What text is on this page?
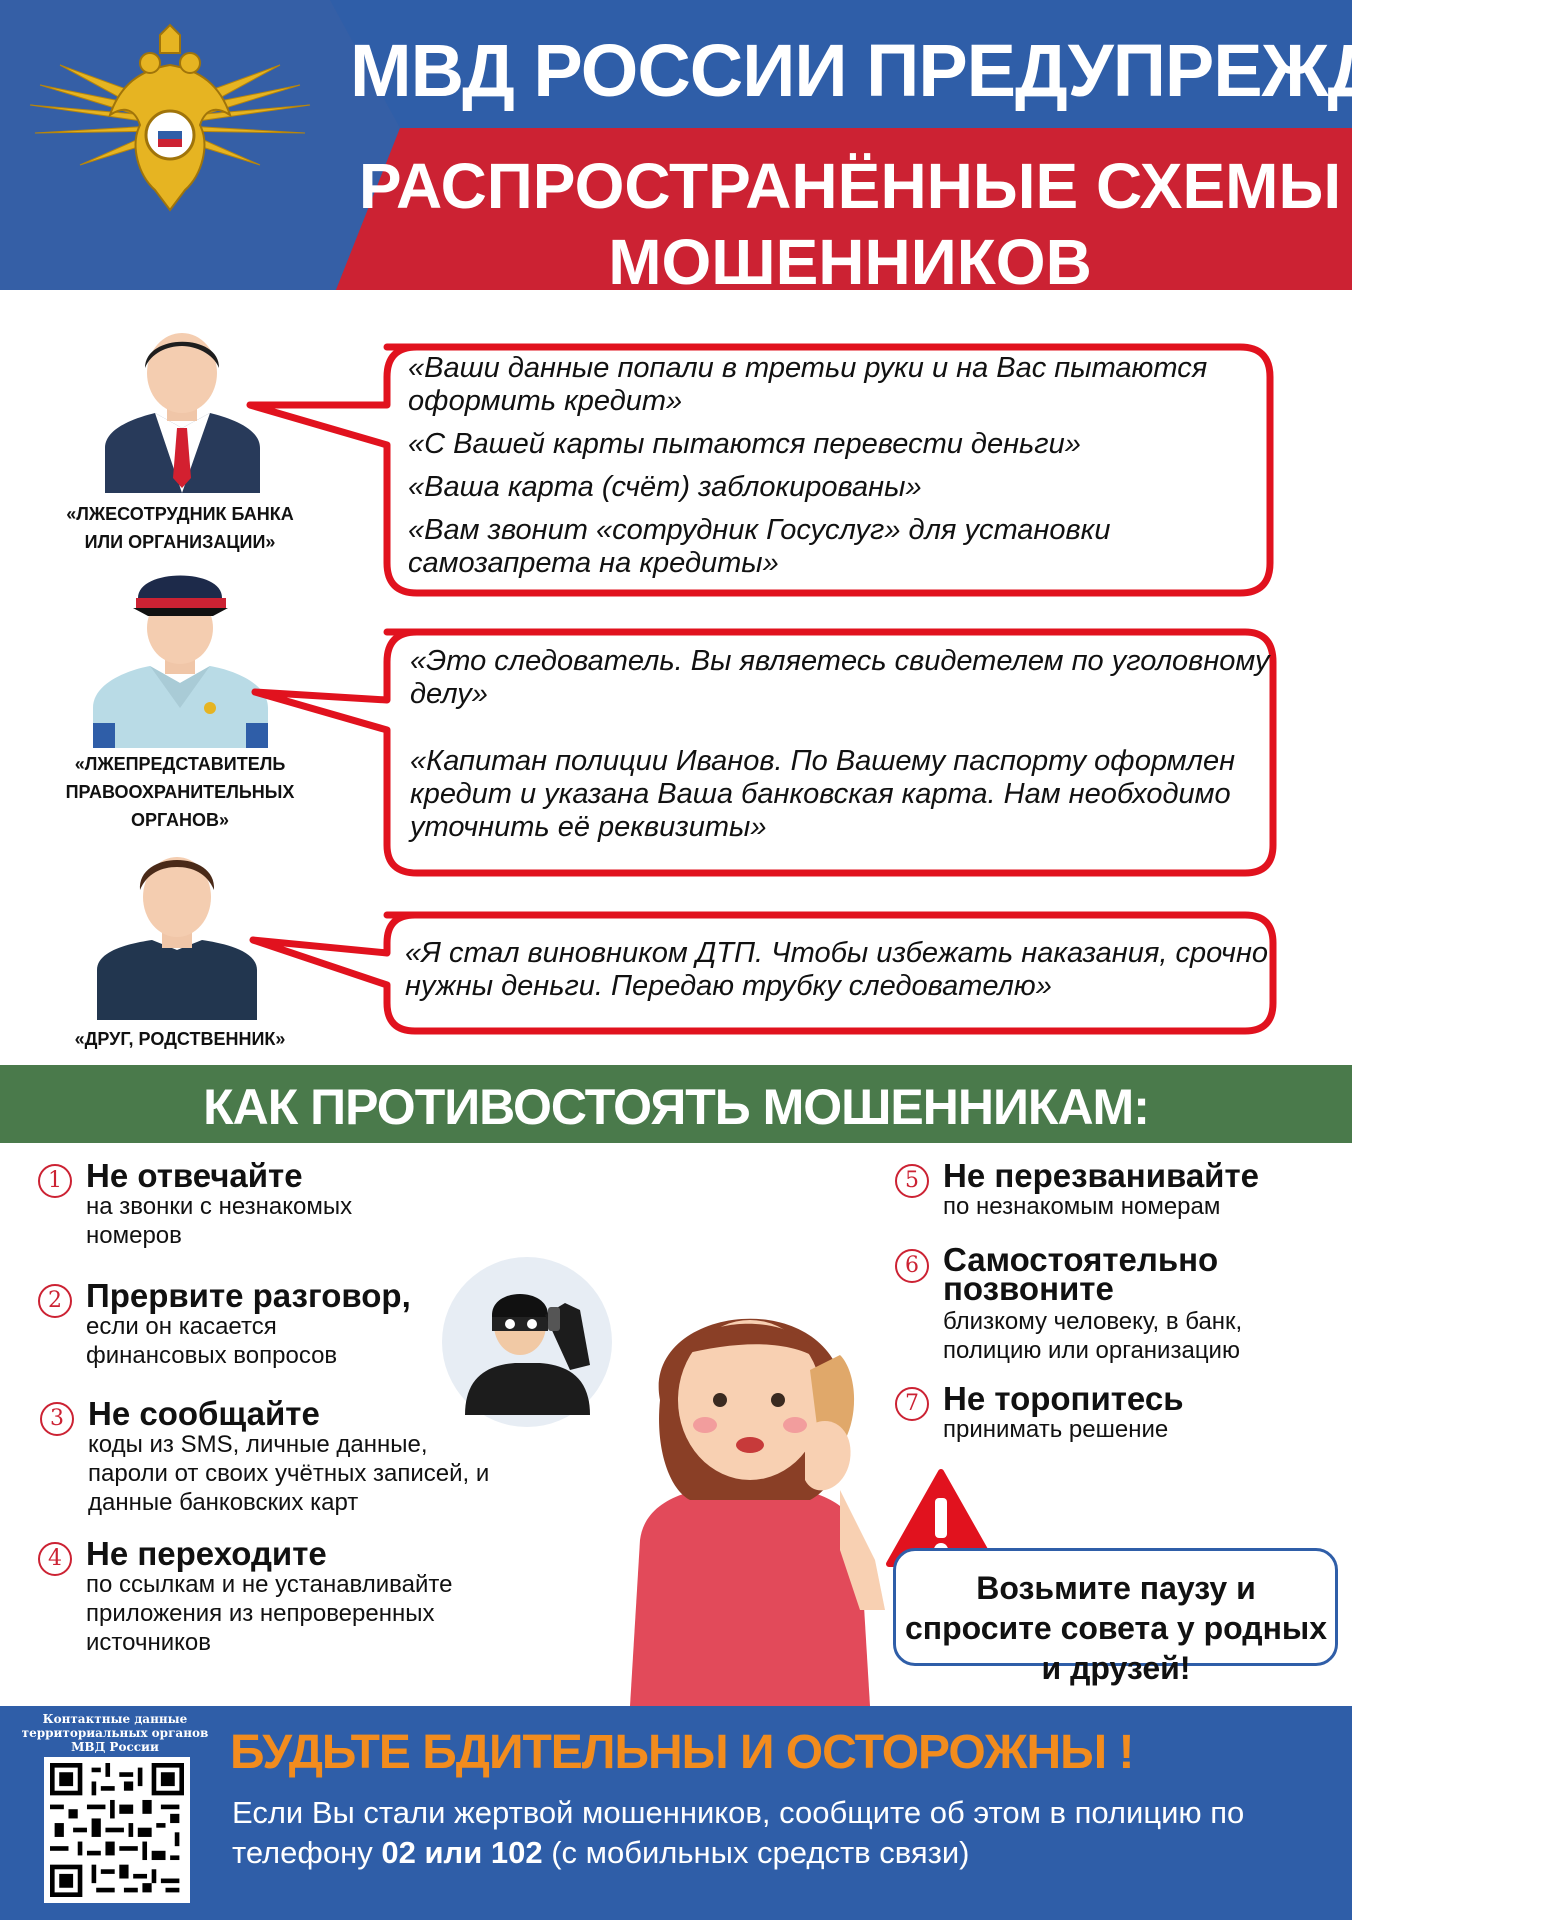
МВД РОССИИ ПРЕДУПРЕЖДАЕТ!
РАСПРОСТРАНЁННЫЕ СХЕМЫ МОШЕННИКОВ
«ЛЖЕСОТРУДНИК БАНКА ИЛИ ОРГАНИЗАЦИИ»
«ЛЖЕПРЕДСТАВИТЕЛЬ ПРАВООХРАНИТЕЛЬНЫХ ОРГАНОВ»
«ДРУГ, РОДСТВЕННИК»

«Ваши данные попали в третьи руки и на Вас пытаются оформить кредит»

«С Вашей карты пытаются перевести деньги»

«Ваша карта (счёт) заблокированы»

«Вам звонит «сотрудник Госуслуг» для установки самозапрета на кредиты»

«Это следователь. Вы являетесь свидетелем по уголовному делу»

«Капитан полиции Иванов. По Вашему паспорту оформлен кредит и указана Ваша банковская карта. Нам необходимо уточнить её реквизиты»

«Я стал виновником ДТП. Чтобы избежать наказания, срочно нужны деньги. Передаю трубку следователю»

КАК ПРОТИВОСТОЯТЬ МОШЕННИКАМ:
1 Не отвечайте
на звонки с незнакомых номеров
2 Прервите разговор,
если он касается финансовых вопросов
3 Не сообщайте
коды из SMS, личные данные, пароли от своих учётных записей, и данные банковских карт
4 Не переходите
по ссылкам и не устанавливайте приложения из непроверенных источников
5 Не перезванивайте
по незнакомым номерам
6 Самостоятельно позвоните
близкому человеку, в банк, полицию или организацию
7 Не торопитесь
принимать решение
Возьмите паузу и спросите совета у родных и друзей!
Контактные данные территориальных органов МВД России	БУДЬТЕ БДИТЕЛЬНЫ И ОСТОРОЖНЫ !
Если Вы стали жертвой мошенников, сообщите об этом в полицию по телефону 02 или 102 (с мобильных средств связи)
